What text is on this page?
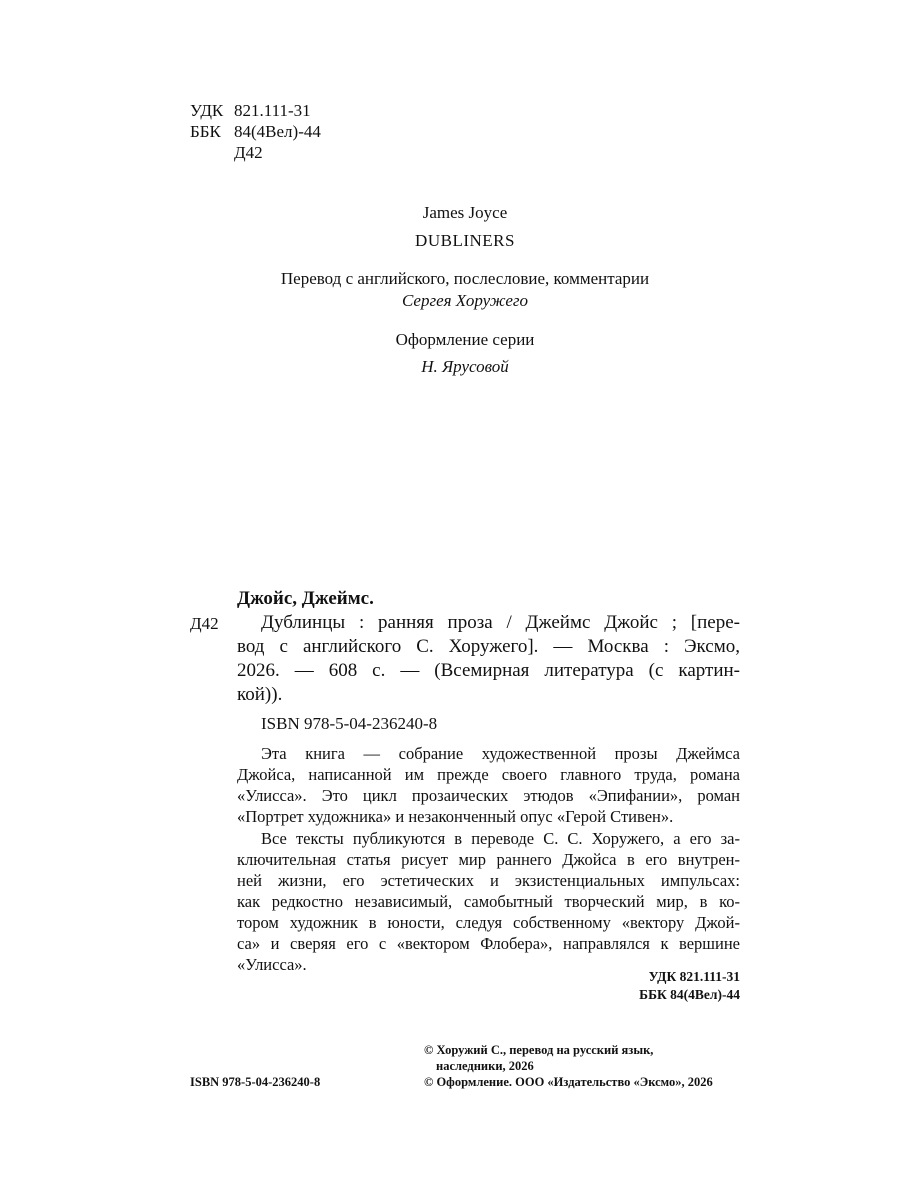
УДК 821.111-31
ББК 84(4Вел)-44
Д42
James Joyce
DUBLINERS
Перевод с английского, послесловие, комментарии
Сергея Хоружего
Оформление серии
Н. Ярусовой
Джойс, Джеймс.
Д42	Дублинцы : ранняя проза / Джеймс Джойс ; [пере-
вод с английского С. Хоружего]. — Москва : Эксмо,
2026. — 608 с. — (Всемирная литература (с картин-
кой)).
ISBN 978-5-04-236240-8
Эта книга — собрание художественной прозы Джеймса
Джойса, написанной им прежде своего главного труда, романа
«Улисса». Это цикл прозаических этюдов «Эпифании», роман
«Портрет художника» и незаконченный опус «Герой Стивен».
Все тексты публикуются в переводе С. С. Хоружего, а его за-
ключительная статья рисует мир раннего Джойса в его внутрен-
ней жизни, его эстетических и экзистенциальных импульсах:
как редкостно независимый, самобытный творческий мир, в ко-
тором художник в юности, следуя собственному «вектору Джой-
са» и сверяя его с «вектором Флобера», направлялся к вершине
«Улисса».
УДК 821.111-31
ББК 84(4Вел)-44
ISBN 978-5-04-236240-8
© Хоружий С., перевод на русский язык,
наследники, 2026
© Оформление. ООО «Издательство «Эксмо», 2026
